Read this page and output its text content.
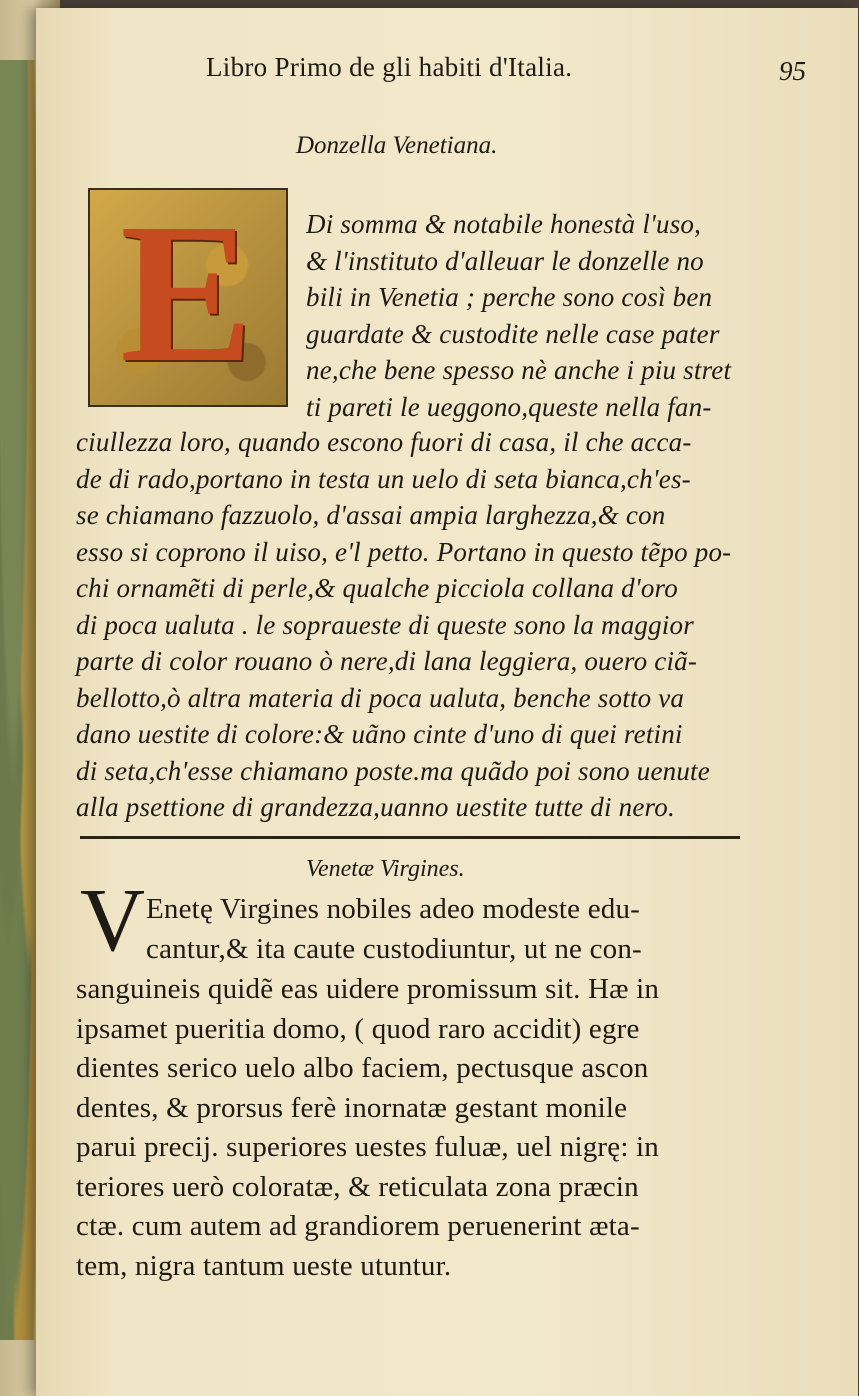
Libro Primo de gli habiti d'Italia.	95
Donzella Venetiana.
E Di somma & notabile honestà l'uso,
& l'instituto d'alleuar le donzelle no
bili in Venetia ; perche sono così ben
guardate & custodite nelle case pater
ne,che bene spesso nè anche i piu stret
ti pareti le ueggono,queste nella fan-
ciullezza loro, quando escono fuori di casa, il che acca-
de di rado,portano in testa un uelo di seta bianca,ch'es-
se chiamano fazzuolo, d'assai ampia larghezza,& con
esso si coprono il uiso, e'l petto. Portano in questo tẽpo po-
chi ornamẽti di perle,& qualche picciola collana d'oro
di poca ualuta . le sopraueste di queste sono la maggior
parte di color rouano ò nere,di lana leggiera, ouero ciã-
bellotto,ò altra materia di poca ualuta, benche sotto va
dano uestite di colore:& uãno cinte d'uno di quei retini
di seta,ch'esse chiamano poste.ma quãdo poi sono uenute
alla psettione di grandezza,uanno uestite tutte di nero.
Venetæ Virgines.
V Enetę Virgines nobiles adeo modeste edu-
cantur,& ita caute custodiuntur, ut ne con-
sanguineis quidẽ eas uidere promissum sit. Hæ in
ipsamet pueritia domo, ( quod raro accidit) egre
dientes serico uelo albo faciem, pectusque ascon
dentes, & prorsus ferè inornatæ gestant monile
parui precij. superiores uestes fuluæ, uel nigrę: in
teriores uerò coloratæ, & reticulata zona præcin
ctæ. cum autem ad grandiorem peruenerint æta-
tem, nigra tantum ueste utuntur.
